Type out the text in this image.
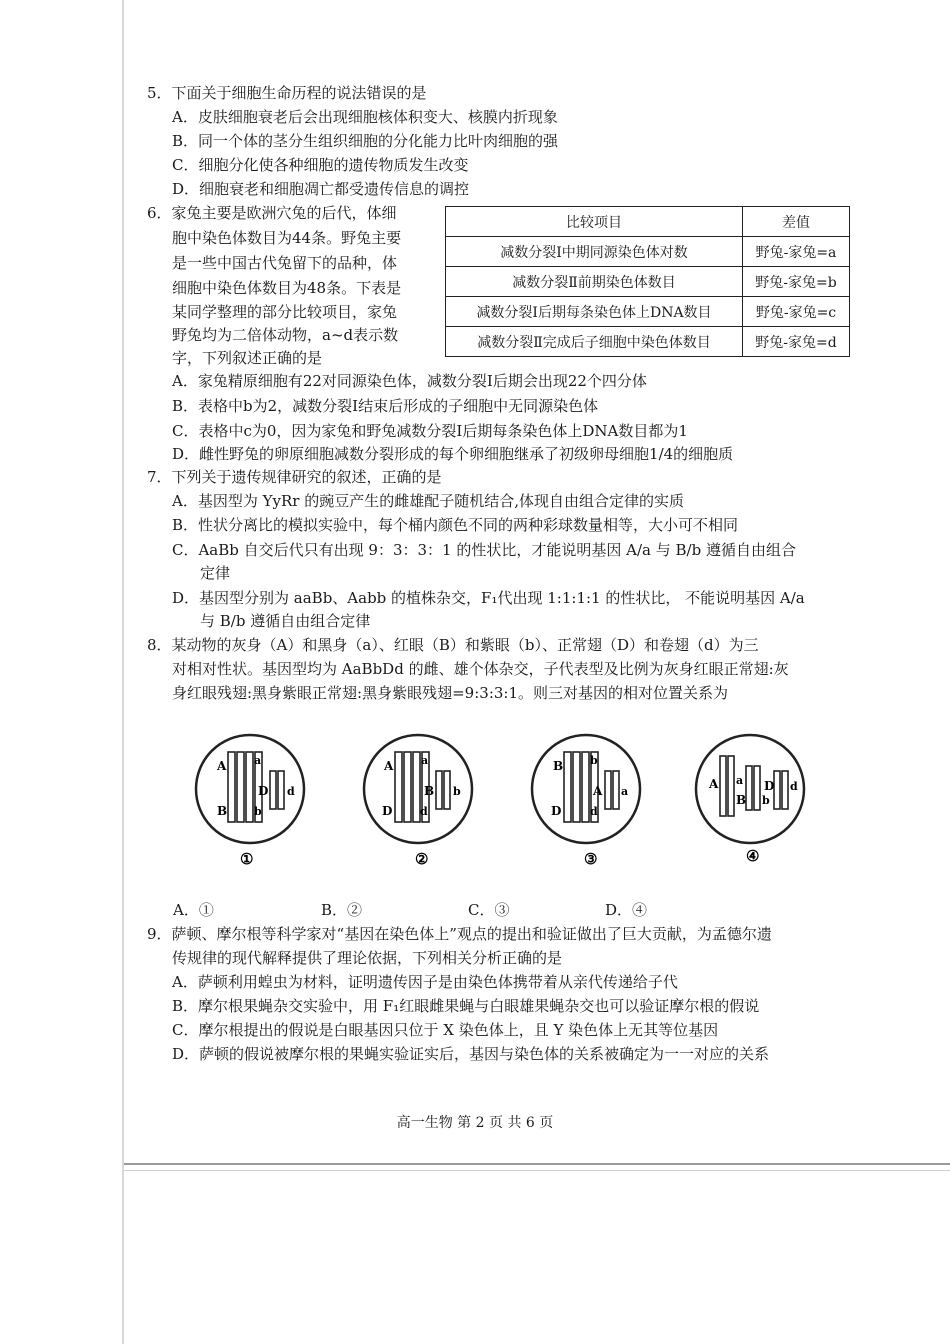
5．下面关于细胞生命历程的说法错误的是
A．皮肤细胞衰老后会出现细胞核体积变大、核膜内折现象
B．同一个体的茎分生组织细胞的分化能力比叶肉细胞的强
C．细胞分化使各种细胞的遗传物质发生改变
D．细胞衰老和细胞凋亡都受遗传信息的调控
6．家兔主要是欧洲穴兔的后代，体细
胞中染色体数目为44条。野兔主要
是一些中国古代兔留下的品种，体
细胞中染色体数目为48条。下表是
某同学整理的部分比较项目，家兔
野兔均为二倍体动物，a~d表示数
字，下列叙述正确的是
比较项目	差值
减数分裂Ⅰ中期同源染色体对数	野兔-家兔=a
减数分裂Ⅱ前期染色体数目	野兔-家兔=b
减数分裂Ⅰ后期每条染色体上DNA数目	野兔-家兔=c
减数分裂Ⅱ完成后子细胞中染色体数目	野兔-家兔=d
A．家兔精原细胞有22对同源染色体，减数分裂Ⅰ后期会出现22个四分体
B．表格中b为2，减数分裂Ⅰ结束后形成的子细胞中无同源染色体
C．表格中c为0，因为家兔和野兔减数分裂Ⅰ后期每条染色体上DNA数目都为1
D．雌性野兔的卵原细胞减数分裂形成的每个卵细胞继承了初级卵母细胞1/4的细胞质
7．下列关于遗传规律研究的叙述，正确的是
A．基因型为 YyRr 的豌豆产生的雌雄配子随机结合,体现自由组合定律的实质
B．性状分离比的模拟实验中，每个桶内颜色不同的两种彩球数量相等，大小可不相同
C．AaBb 自交后代只有出现 9：3：3：1 的性状比，才能说明基因 A/a 与 B/b 遵循自由组合
定律
D．基因型分别为 aaBb、Aabb 的植株杂交，F₁代出现 1:1:1:1 的性状比， 不能说明基因 A/a
与 B/b 遵循自由组合定律
8．某动物的灰身（A）和黑身（a）、红眼（B）和紫眼（b）、正常翅（D）和卷翅（d）为三
对相对性状。基因型均为 AaBbDd 的雌、雄个体杂交，子代表型及比例为灰身红眼正常翅:灰
身红眼残翅:黑身紫眼正常翅:黑身紫眼残翅=9:3:3:1。则三对基因的相对位置关系为
A	a
B b
D d
①
A	a
B b
D	d
②
B b
A a
D	d
③
A a
B b
D d
④
A．①	B．②	C．③	D．④
9．萨顿、摩尔根等科学家对“基因在染色体上”观点的提出和验证做出了巨大贡献，为孟德尔遗
传规律的现代解释提供了理论依据，下列相关分析正确的是
A．萨顿利用蝗虫为材料，证明遗传因子是由染色体携带着从亲代传递给子代
B．摩尔根果蝇杂交实验中，用 F₁红眼雌果蝇与白眼雄果蝇杂交也可以验证摩尔根的假说
C．摩尔根提出的假说是白眼基因只位于 X 染色体上，且 Y 染色体上无其等位基因
D．萨顿的假说被摩尔根的果蝇实验证实后，基因与染色体的关系被确定为一一对应的关系
高一生物 第 2 页 共 6 页
